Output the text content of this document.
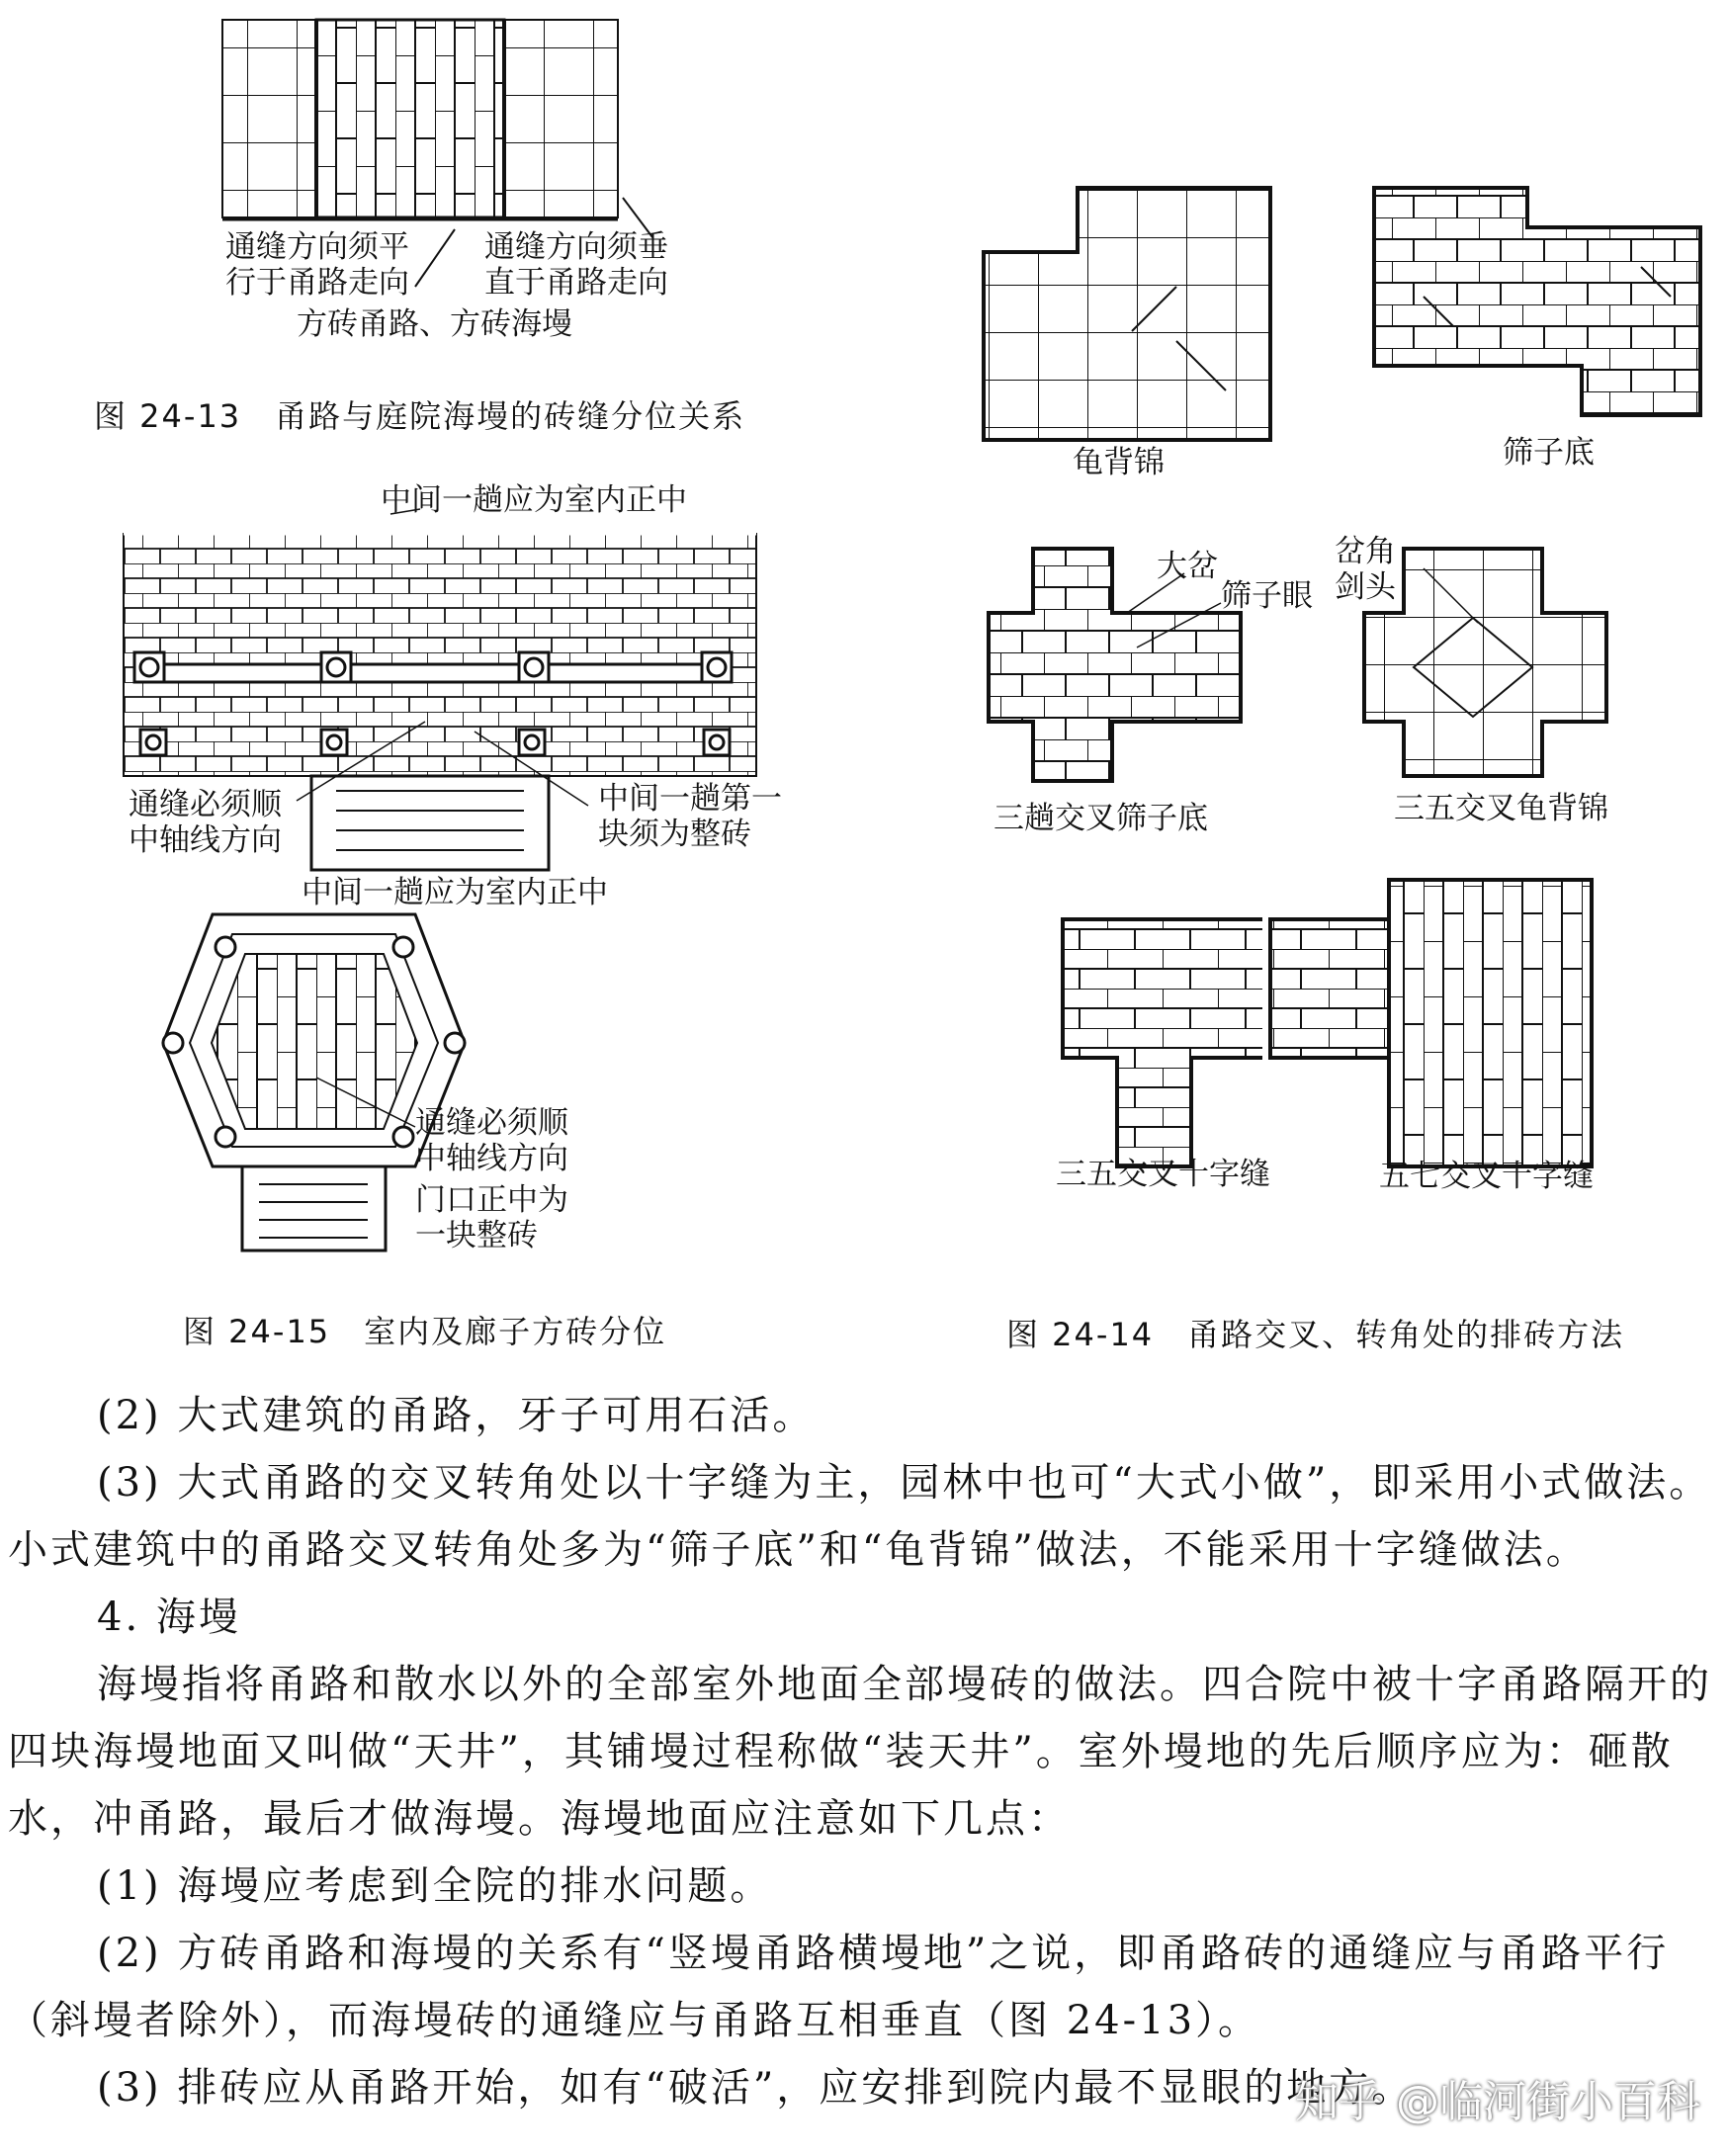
通缝方向须平
行于甬路走向
通缝方向须垂
直于甬路走向
方砖甬路、方砖海墁
图 24-13　甬路与庭院海墁的砖缝分位关系
中间一趟应为室内正中
通缝必须顺
中轴线方向
中间一趟第一
块须为整砖
中间一趟应为室内正中
通缝必须顺
中轴线方向
门口正中为
一块整砖
图 24-15　室内及廊子方砖分位
龟背锦	筛子底
大岔
筛子眼
岔角
剑头
三趟交叉筛子底	三五交叉龟背锦
三五交叉十字缝	五七交叉十字缝
图 24-14　甬路交叉、转角处的排砖方法

(2) 大式建筑的甬路，牙子可用石活。

(3) 大式甬路的交叉转角处以十字缝为主，园林中也可“大式小做”，即采用小式做法。小式建筑中的甬路交叉转角处多为“筛子底”和“龟背锦”做法，不能采用十字缝做法。

4. 海墁

海墁指将甬路和散水以外的全部室外地面全部墁砖的做法。四合院中被十字甬路隔开的四块海墁地面又叫做“天井”，其铺墁过程称做“装天井”。室外墁地的先后顺序应为：砸散水，冲甬路，最后才做海墁。海墁地面应注意如下几点：

(1) 海墁应考虑到全院的排水问题。

(2) 方砖甬路和海墁的关系有“竖墁甬路横墁地”之说，即甬路砖的通缝应与甬路平行（斜墁者除外），而海墁砖的通缝应与甬路互相垂直（图 24-13）。

(3) 排砖应从甬路开始，如有“破活”，应安排到院内最不显眼的地方。

知乎 @临河街小百科
